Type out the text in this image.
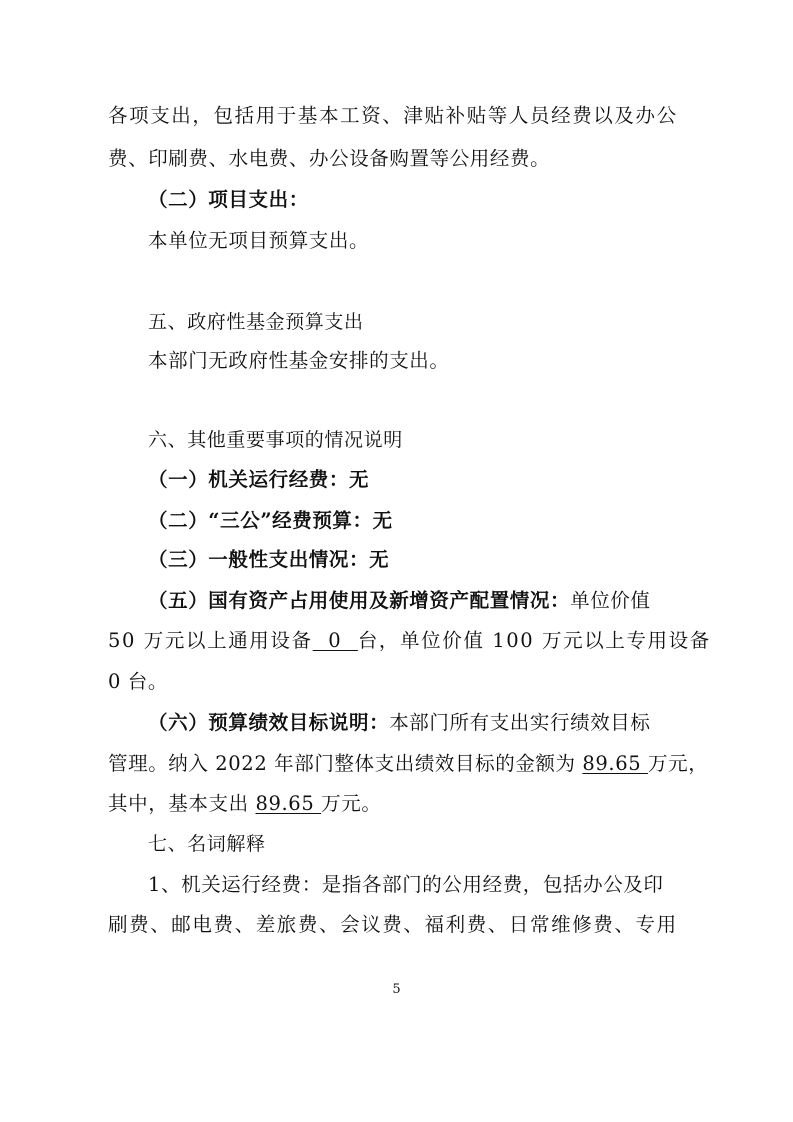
各项支出，包括用于基本工资、津贴补贴等人员经费以及办公
费、印刷费、水电费、办公设备购置等公用经费。
（二）项目支出：
本单位无项目预算支出。
五、政府性基金预算支出
本部门无政府性基金安排的支出。
六、其他重要事项的情况说明
（一）机关运行经费：无
（二）“三公”经费预算：无
（三）一般性支出情况：无
（五）国有资产占用使用及新增资产配置情况：单位价值
50 万元以上通用设备  0  台，单位价值 100 万元以上专用设备
0 台。
（六）预算绩效目标说明：本部门所有支出实行绩效目标
管理。纳入 2022 年部门整体支出绩效目标的金额为 89.65 万元，
其中，基本支出 89.65 万元。
七、名词解释
1、机关运行经费：是指各部门的公用经费，包括办公及印
刷费、邮电费、差旅费、会议费、福利费、日常维修费、专用
5
